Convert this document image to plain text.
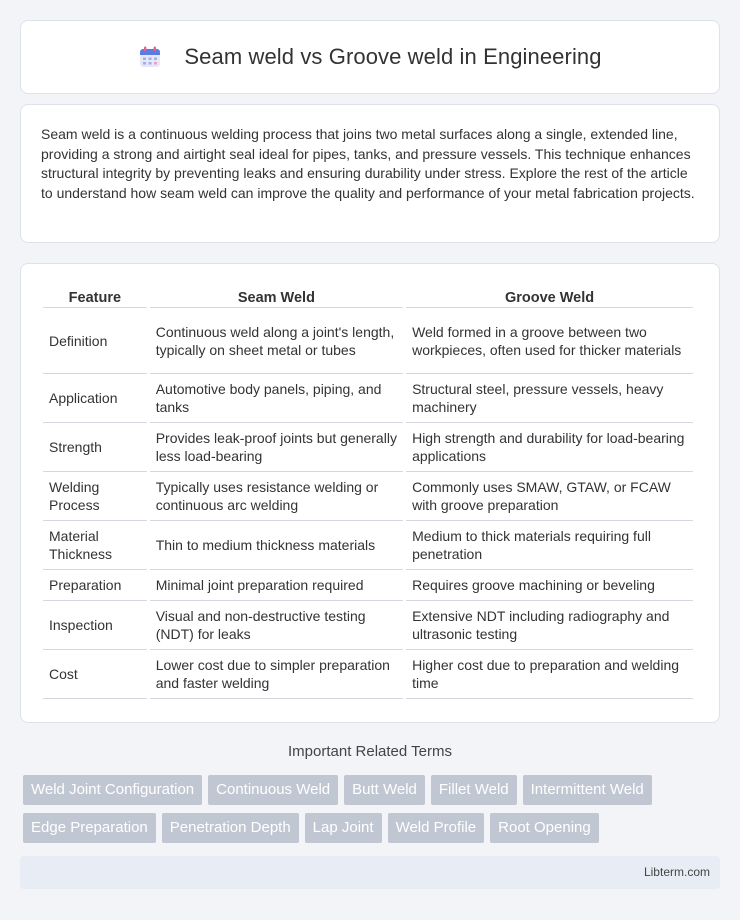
Seam weld vs Groove weld in Engineering

Seam weld is a continuous welding process that joins two metal surfaces along a single, extended line, providing a strong and airtight seal ideal for pipes, tanks, and pressure vessels. This technique enhances structural integrity by preventing leaks and ensuring durability under stress. Explore the rest of the article to understand how seam weld can improve the quality and performance of your metal fabrication projects.

Feature	Seam Weld	Groove Weld
Definition	Continuous weld along a joint's length, typically on sheet metal or tubes	Weld formed in a groove between two workpieces, often used for thicker materials
Application	Automotive body panels, piping, and tanks	Structural steel, pressure vessels, heavy machinery
Strength	Provides leak-proof joints but generally less load-bearing	High strength and durability for load-bearing applications
Welding Process	Typically uses resistance welding or continuous arc welding	Commonly uses SMAW, GTAW, or FCAW with groove preparation
Material Thickness	Thin to medium thickness materials	Medium to thick materials requiring full penetration
Preparation	Minimal joint preparation required	Requires groove machining or beveling
Inspection	Visual and non-destructive testing (NDT) for leaks	Extensive NDT including radiography and ultrasonic testing
Cost	Lower cost due to simpler preparation and faster welding	Higher cost due to preparation and welding time
Important Related Terms
Weld Joint Configuration	Continuous Weld	Butt Weld	Fillet Weld	Intermittent Weld
Edge Preparation	Penetration Depth	Lap Joint	Weld Profile	Root Opening
Libterm.com
